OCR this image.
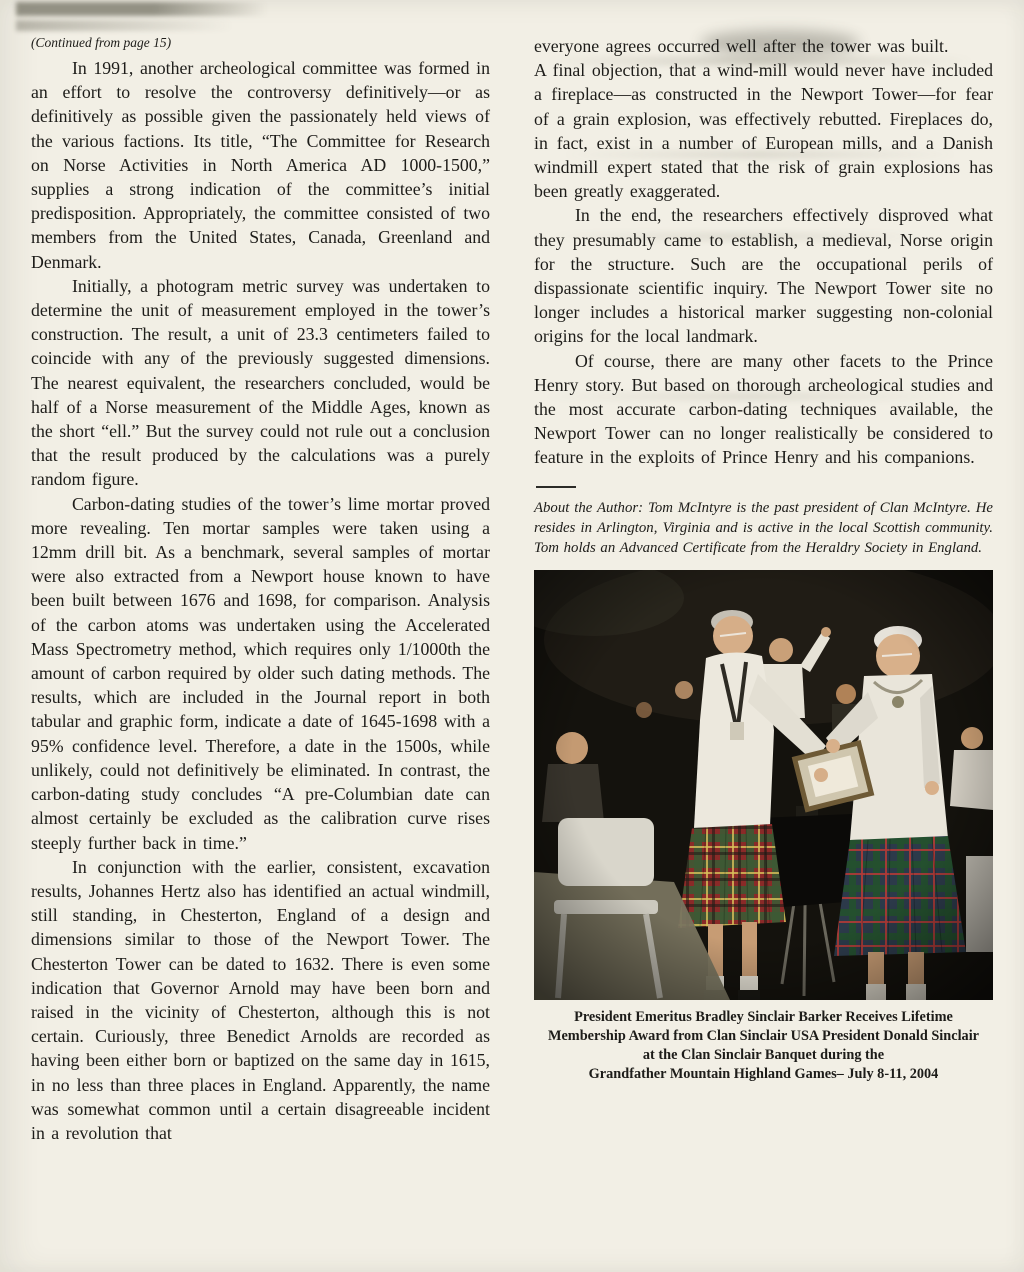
(Continued from page 15)

In 1991, another archeological committee was formed in an effort to resolve the controversy definitively—or as definitively as possible given the passionately held views of the various factions. Its title, “The Committee for Research on Norse Activities in North America AD 1000-1500,” supplies a strong indication of the committee’s initial predisposition. Appropriately, the committee consisted of two members from the United States, Canada, Greenland and Denmark.

Initially, a photogram metric survey was undertaken to determine the unit of measurement employed in the tower’s construction. The result, a unit of 23.3 centimeters failed to coincide with any of the previously suggested dimensions. The nearest equivalent, the researchers concluded, would be half of a Norse measurement of the Middle Ages, known as the short “ell.” But the survey could not rule out a conclusion that the result produced by the calculations was a purely random figure.

Carbon-dating studies of the tower’s lime mortar proved more revealing. Ten mortar samples were taken using a 12mm drill bit. As a benchmark, several samples of mortar were also extracted from a Newport house known to have been built between 1676 and 1698, for comparison. Analysis of the carbon atoms was undertaken using the Accelerated Mass Spectrometry method, which requires only 1/1000th the amount of carbon required by older such dating methods. The results, which are included in the Journal report in both tabular and graphic form, indicate a date of 1645-1698 with a 95% confidence level. Therefore, a date in the 1500s, while unlikely, could not definitively be eliminated. In contrast, the carbon-dating study concludes “A pre-Columbian date can almost certainly be excluded as the calibration curve rises steeply further back in time.”

In conjunction with the earlier, consistent, excavation results, Johannes Hertz also has identified an actual windmill, still standing, in Chesterton, England of a design and dimensions similar to those of the Newport Tower. The Chesterton Tower can be dated to 1632. There is even some indication that Governor Arnold may have been born and raised in the vicinity of Chesterton, although this is not certain. Curiously, three Benedict Arnolds are recorded as having been either born or baptized on the same day in 1615, in no less than three places in England. Apparently, the name was somewhat common until a certain disagreeable incident in a revolution that

everyone agrees occurred well after the tower was built.

A final objection, that a wind-mill would never have included a fireplace—as constructed in the Newport Tower—for fear of a grain explosion, was effectively rebutted. Fireplaces do, in fact, exist in a number of European mills, and a Danish windmill expert stated that the risk of grain explosions has been greatly exaggerated.

In the end, the researchers effectively disproved what they presumably came to establish, a medieval, Norse origin for the structure. Such are the occupational perils of dispassionate scientific inquiry. The Newport Tower site no longer includes a historical marker suggesting non-colonial origins for the local landmark.

Of course, there are many other facets to the Prince Henry story. But based on thorough archeological studies and the most accurate carbon-dating techniques available, the Newport Tower can no longer realistically be considered to feature in the exploits of Prince Henry and his companions.

About the Author: Tom McIntyre is the past president of Clan McIntyre. He resides in Arlington, Virginia and is active in the local Scottish community. Tom holds an Advanced Certificate from the Heraldry Society in England.

President Emeritus Bradley Sinclair Barker Receives Lifetime
Membership Award from Clan Sinclair USA President Donald Sinclair
at the Clan Sinclair Banquet during the
Grandfather Mountain Highland Games– July 8-11, 2004
